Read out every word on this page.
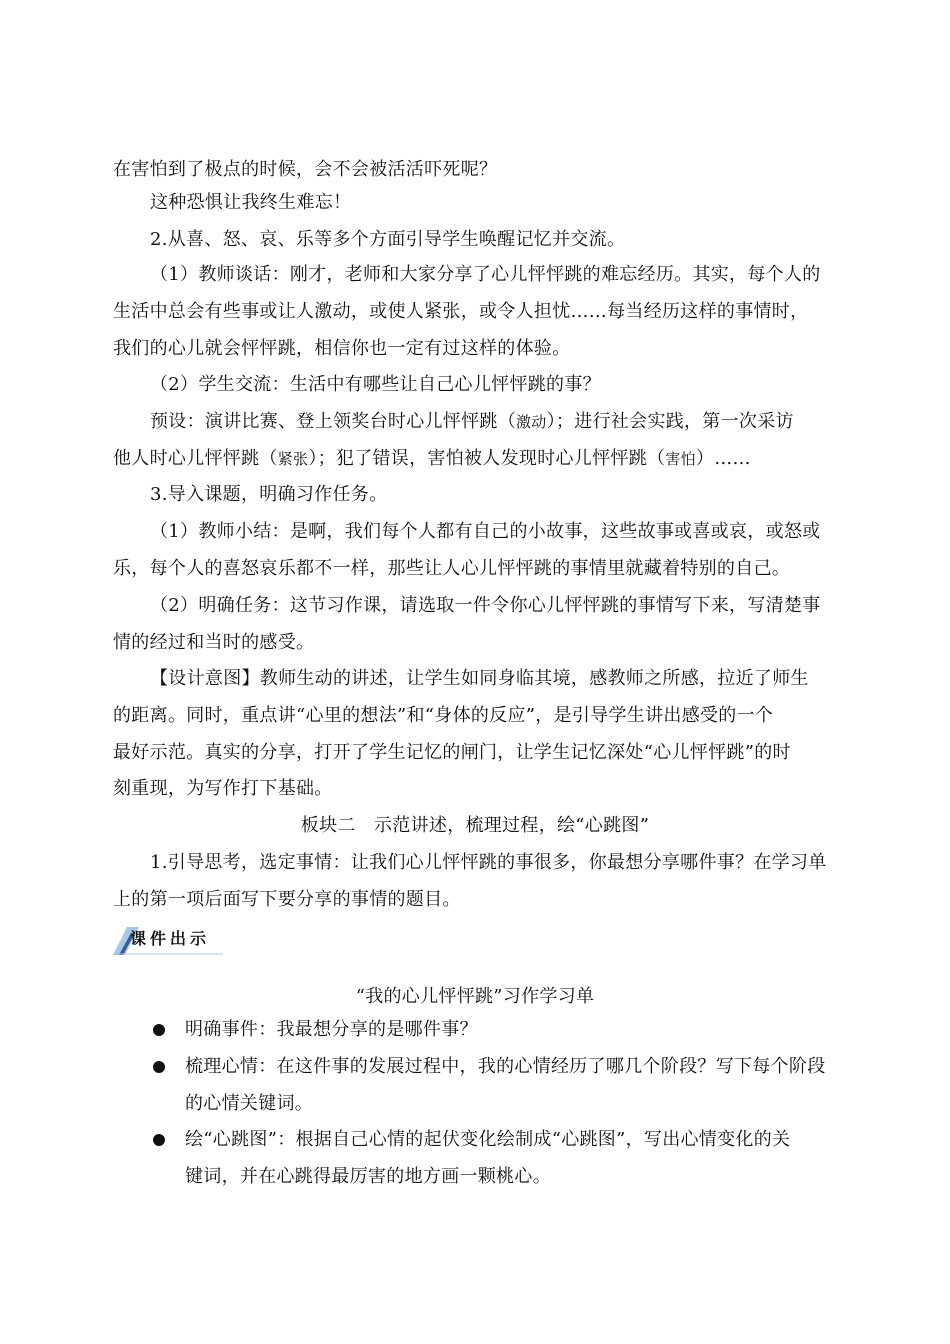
在害怕到了极点的时候，会不会被活活吓死呢？
这种恐惧让我终生难忘！
2.从喜、怒、哀、乐等多个方面引导学生唤醒记忆并交流。
（1）教师谈话：刚才，老师和大家分享了心儿怦怦跳的难忘经历。其实，每个人的
生活中总会有些事或让人激动，或使人紧张，或令人担忧……每当经历这样的事情时，
我们的心儿就会怦怦跳，相信你也一定有过这样的体验。
（2）学生交流：生活中有哪些让自己心儿怦怦跳的事？
预设：演讲比赛、登上领奖台时心儿怦怦跳（激动）；进行社会实践，第一次采访
他人时心儿怦怦跳（紧张）；犯了错误，害怕被人发现时心儿怦怦跳（害怕）……
3.导入课题，明确习作任务。
（1）教师小结：是啊，我们每个人都有自己的小故事，这些故事或喜或哀，或怒或
乐，每个人的喜怒哀乐都不一样，那些让人心儿怦怦跳的事情里就藏着特别的自己。
（2）明确任务：这节习作课，请选取一件令你心儿怦怦跳的事情写下来，写清楚事
情的经过和当时的感受。
【设计意图】教师生动的讲述，让学生如同身临其境，感教师之所感，拉近了师生
的距离。同时，重点讲“心里的想法”和“身体的反应”，是引导学生讲出感受的一个
最好示范。真实的分享，打开了学生记忆的闸门，让学生记忆深处“心儿怦怦跳”的时
刻重现，为写作打下基础。
板块二　示范讲述，梳理过程，绘“心跳图”
1.引导思考，选定事情：让我们心儿怦怦跳的事很多，你最想分享哪件事？在学习单
上的第一项后面写下要分享的事情的题目。
课件出示
“我的心儿怦怦跳”习作学习单
明确事件：我最想分享的是哪件事？
梳理心情：在这件事的发展过程中，我的心情经历了哪几个阶段？写下每个阶段
的心情关键词。
绘“心跳图”：根据自己心情的起伏变化绘制成“心跳图”，写出心情变化的关
键词，并在心跳得最厉害的地方画一颗桃心。
